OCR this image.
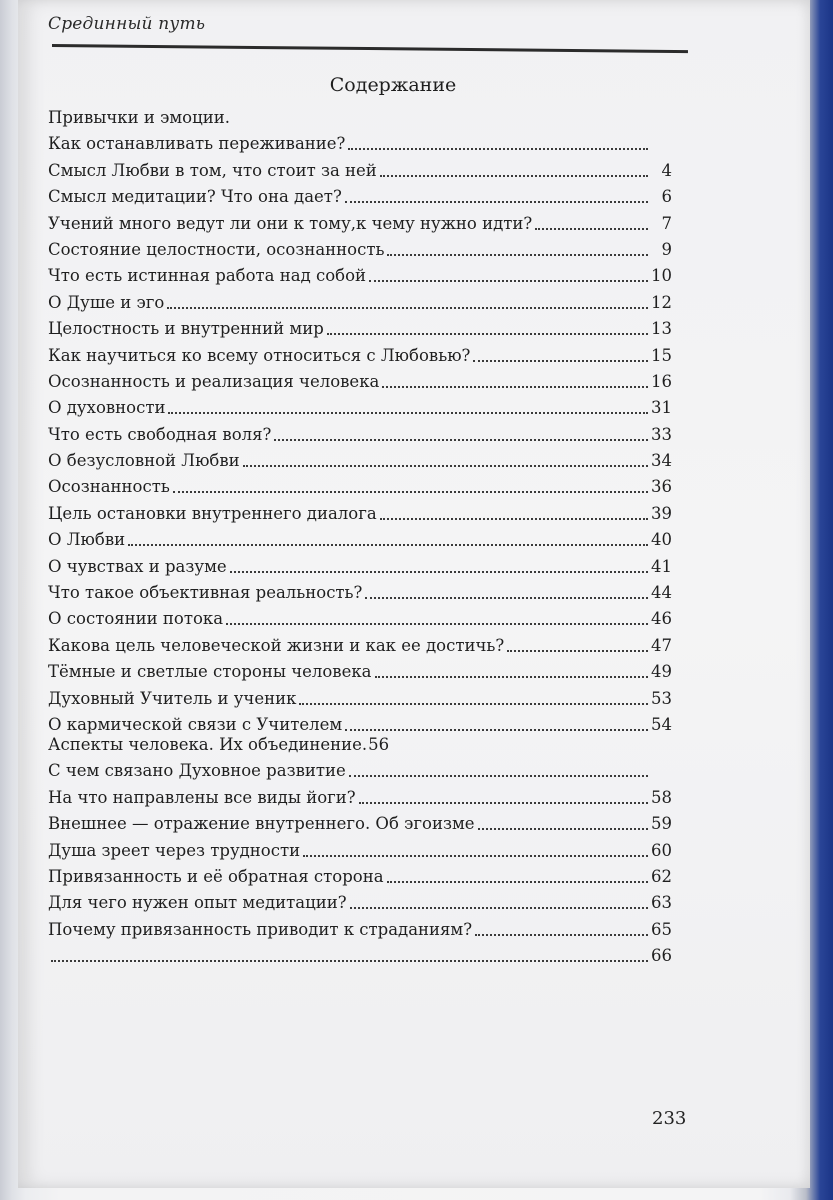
Срединный путь
Содержание
Привычки и эмоции.
Как останавливать переживание?
Смысл Любви в том, что стоит за ней	4
Смысл медитации? Что она дает?	6
Учений много ведут ли они к тому,к чему нужно идти?	7
Состояние целостности, осознанность	9
Что есть истинная работа над собой	10
О Душе и эго	12
Целостность и внутренний мир	13
Как научиться ко всему относиться с Любовью?	15
Осознанность и реализация человека	16
О духовности	31
Что есть свободная воля?	33
О безусловной Любви	34
Осознанность	36
Цель остановки внутреннего диалога	39
О Любви	40
О чувствах и разуме	41
Что такое объективная реальность?	44
О состоянии потока	46
Какова цель человеческой жизни и как ее достичь?	47
Тёмные и светлые стороны человека	49
Духовный Учитель и ученик	53
О кармической связи с Учителем	54
Аспекты человека. Их объединение. 56
С чем связано Духовное развитие
На что направлены все виды йоги?	58
Внешнее — отражение внутреннего. Об эгоизме	59
Душа зреет через трудности	60
Привязанность и её обратная сторона	62
Для чего нужен опыт медитации?	63
Почему привязанность приводит к страданиям?	65
66
233
